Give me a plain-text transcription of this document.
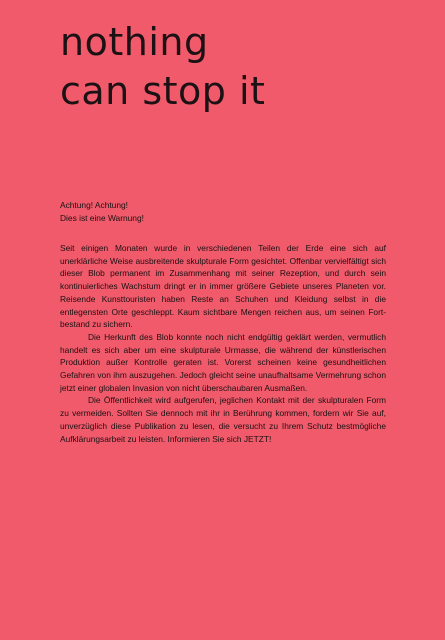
nothing
can stop it

Achtung! Achtung!

Dies ist eine Warnung!

Seit einigen Monaten wurde in verschiedenen Teilen der Erde eine sich auf unerklärliche Weise ausbreitende skulpturale Form gesichtet. Offenbar vervielfältigt sich dieser Blob permanent im Zusammenhang mit seiner Rezeption, und durch sein kontinuierliches Wachstum dringt er in immer größere Gebiete unseres Planeten vor. Reisende Kunsttouristen haben Reste an Schuhen und Kleidung selbst in die entlegensten Orte geschleppt. Kaum sichtbare Mengen reichen aus, um seinen Fortbestand zu sichern.

Die Herkunft des Blob konnte noch nicht endgültig geklärt werden, vermutlich handelt es sich aber um eine skulpturale Urmasse, die während der künstlerischen Produktion außer Kontrolle geraten ist. Vorerst scheinen keine gesundheitlichen Gefahren von ihm auszugehen. Jedoch gleicht seine unaufhaltsame Vermehrung schon jetzt einer globalen Invasion von nicht überschaubaren Ausmaßen.

Die Öffentlichkeit wird aufgerufen, jeglichen Kontakt mit der skulpturalen Form zu vermeiden. Sollten Sie dennoch mit ihr in Berührung kommen, fordern wir Sie auf, unverzüglich diese Publikation zu lesen, die versucht zu Ihrem Schutz bestmögliche Aufklärungsarbeit zu leisten. Informieren Sie sich JETZT!
